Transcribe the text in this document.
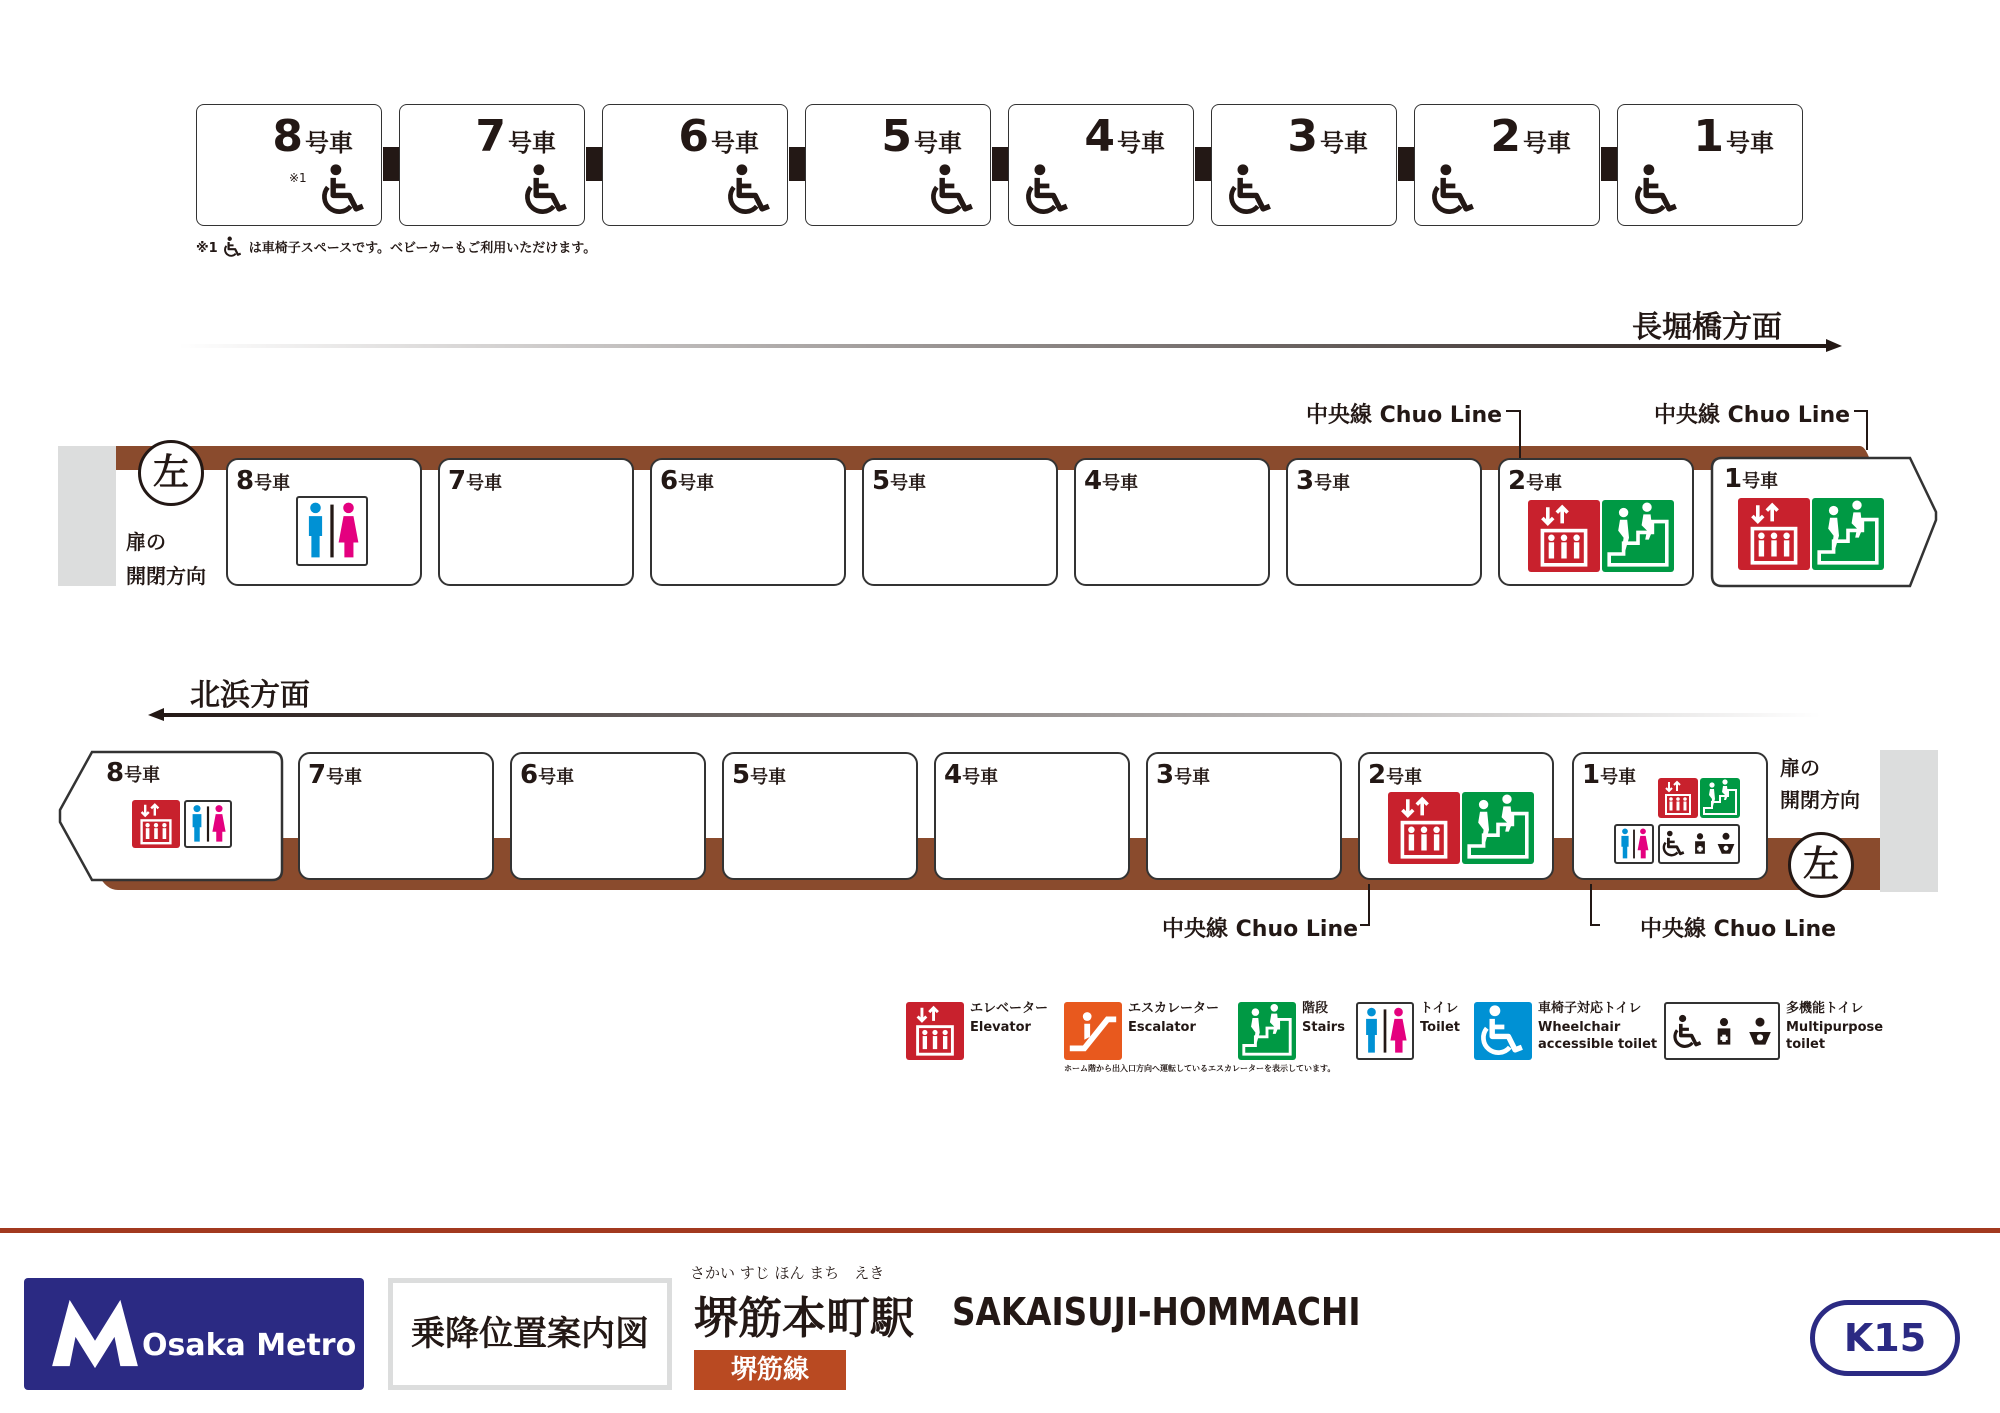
8号車
※1
7号車	6号車	5号車	4号車	3号車	2号車	1号車
※1 は車椅子スペースです。ベビーカーもご利用いただけます。
長堀橋方面
左
扉の
開閉方向
中央線 Chuo Line	中央線 Chuo Line
8号車	7号車	6号車	5号車	4号車	3号車	2号車	1号車
北浜方面
左
扉の
開閉方向
8号車	7号車	6号車	5号車	4号車	3号車	2号車	1号車
中央線 Chuo Line	中央線 Chuo Line
エレベーター
Elevator
エスカレーター
Escalator
ホーム階から出入口方向へ運転しているエスカレーターを表示しています。
階段
Stairs
トイレ
Toilet
車椅子対応トイレ
Wheelchair
accessible toilet
多機能トイレ
Multipurpose
toilet
Osaka Metro	乗降位置案内図
さかい すじ ほん まち　えき
堺筋本町駅 SAKAISUJI-HOMMACHI
堺筋線
K15
